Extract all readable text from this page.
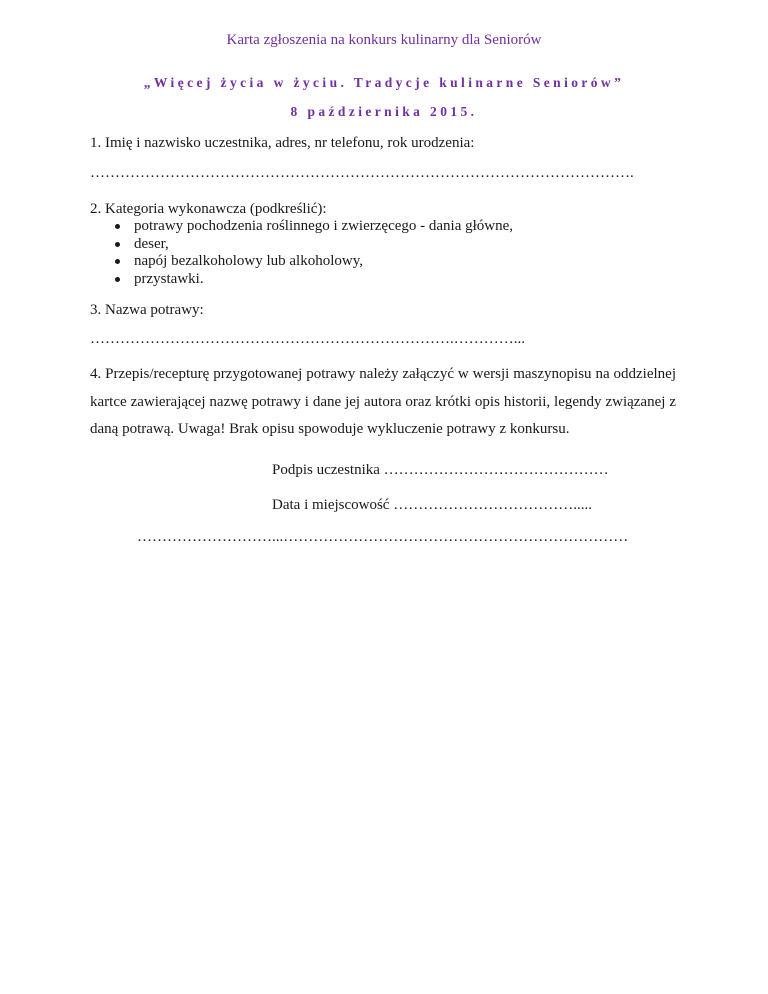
Karta zgłoszenia na konkurs kulinarny dla Seniorów
„Więcej życia w życiu. Tradycje kulinarne Seniorów”
8 października 2015.
1. Imię i nazwisko uczestnika, adres, nr telefonu, rok urodzenia:
……………………………………………………………………………………………….
2. Kategoria wykonawcza (podkreślić):
potrawy pochodzenia roślinnego i zwierzęcego - dania główne,
deser,
napój bezalkoholowy lub alkoholowy,
przystawki.
3. Nazwa potrawy:
……………………………………………………………….…………...
4. Przepis/recepturę przygotowanej potrawy należy załączyć w wersji maszynopisu na oddzielnej kartce zawierającej nazwę potrawy i dane jej autora oraz krótki opis historii, legendy związanej z daną potrawą. Uwaga! Brak opisu spowoduje wykluczenie potrawy z konkursu.
Podpis uczestnika ………………………………………
Data i miejscowość ……………………………….....
………………………...……………………………………………………………
